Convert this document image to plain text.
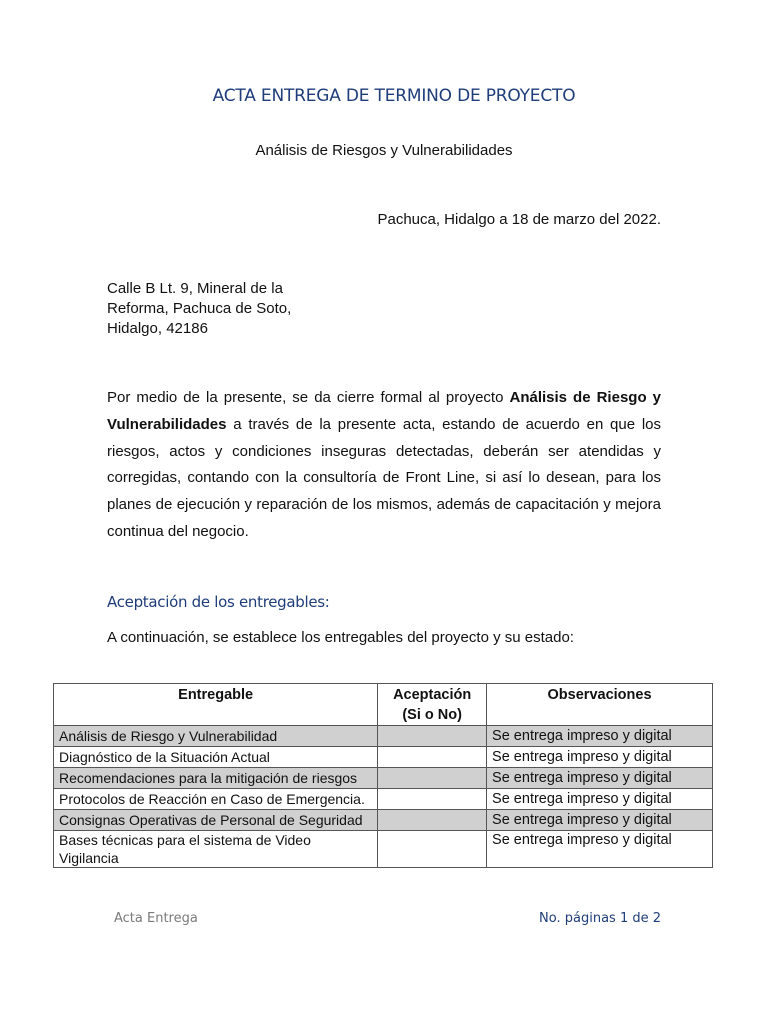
ACTA ENTREGA DE TERMINO DE PROYECTO
Análisis de Riesgos y Vulnerabilidades
Pachuca, Hidalgo a 18 de marzo del 2022.
Calle B Lt. 9, Mineral de la
Reforma, Pachuca de Soto,
Hidalgo, 42186
Por medio de la presente, se da cierre formal al proyecto Análisis de Riesgo y Vulnerabilidades a través de la presente acta, estando de acuerdo en que los riesgos, actos y condiciones inseguras detectadas, deberán ser atendidas y corregidas, contando con la consultoría de Front Line, si así lo desean, para los planes de ejecución y reparación de los mismos, además de capacitación y mejora continua del negocio.
Aceptación de los entregables:
A continuación, se establece los entregables del proyecto y su estado:
Entregable	Aceptación (Si o No)	Observaciones
Análisis de Riesgo y Vulnerabilidad		Se entrega impreso y digital
Diagnóstico de la Situación Actual		Se entrega impreso y digital
Recomendaciones para la mitigación de riesgos		Se entrega impreso y digital
Protocolos de Reacción en Caso de Emergencia.		Se entrega impreso y digital
Consignas Operativas de Personal de Seguridad		Se entrega impreso y digital
Bases técnicas para el sistema de Video Vigilancia		Se entrega impreso y digital
Acta Entrega	No. páginas 1 de 2
